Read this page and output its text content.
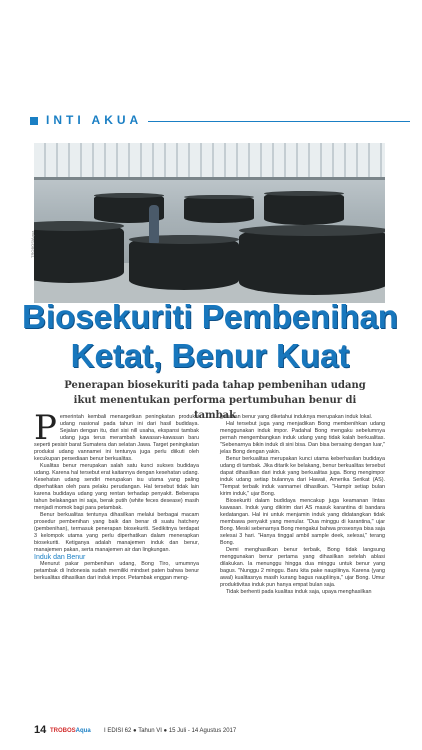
INTI AKUA
TROBOS/Aqua
Biosekuriti Pembenihan
Ketat, Benur Kuat
Penerapan biosekuriti pada tahap pembenihan udang ikut menentukan performa pertumbuhan benur di tambak

Pemerintah kembali menargetkan peningkatan produksi udang nasional pada tahun ini dari hasil budidaya. Sejalan dengan itu, dari sisi nill usaha, ekspansi tambak udang juga terus merambah kawasan-kawasan baru seperti pesisir barat Sumatera dan selatan Jawa. Target peningkatan produksi udang vannamei ini tentunya juga perlu diikuti oleh kecukupan persediaan benur berkualitas.

Kualitas benur merupakan salah satu kunci sukses budidaya udang. Karena hal tersebut erat kaitannya dengan kesehatan udang. Kesehatan udang sendiri merupakan isu utama yang paling diperhatikan oleh para pelaku perudangan. Hal tersebut tidak lain karena budidaya udang yang rentan terhadap penyakit. Beberapa tahun belakangan ini saja, berak putih (white feces desease) masih menjadi momok bagi para petambak.

Benur berkualitas tentunya dihasilkan melalui berbagai macam prosedur pembenihan yang baik dan benar di suatu hatchery (pembenihan), termasuk penerapan biosekuriti. Sedikitnya terdapat 3 kelompok utama yang perlu diperhatikan dalam menerapkan biosekuriti. Ketiganya adalah manajemen induk dan benur, manajemen pakan, serta manajemen air dan lingkungan.

Induk dan Benur

Menurut pakar pembenihan udang, Bong Tiro, umumnya petambak di Indonesia sudah memiliki mindset paten bahwa benur berkualitas dihasilkan dari induk impor. Petambak enggan meng-

gunakan benur yang diketahui induknya merupakan induk lokal.

Hal tersebut juga yang menjadikan Bong membenihkan udang menggunakan induk impor. Padahal Bong mengaku sebelumnya pernah mengembangkan induk udang yang tidak kalah berkualitas. "Sebenarnya bikin induk di sini bisa. Dan bisa bersaing dengan luar," jelas Bong dengan yakin.

Benur berkualitas merupakan kunci utama keberhasilan budidaya udang di tambak. Jika ditarik ke belakang, benur berkualitas tersebut dapat dihasilkan dari induk yang berkualitas juga. Bong mengimpor induk udang setiap bulannya dari Hawaii, Amerika Serikat (AS). "Tempat terbaik induk vannamei dihasilkan. "Hampir setiap bulan kirim induk," ujar Bong.

Biosekuriti dalam budidaya mencakup juga keamanan lintas kawasan. Induk yang dikirim dari AS masuk karantina di bandara kedatangan. Hal ini untuk menjamin induk yang didatangkan tidak membawa penyakit yang menular. "Dua minggu di karantina," ujar Bong. Meski sebenarnya Bong mengakui bahwa prosesnya bisa saja selesai 3 hari. "Hanya tinggal ambil sample deek, selesai," terang Bong.

Demi menghasilkan benur terbaik, Bong tidak langsung menggunakan benur pertama yang dihasilkan setelah ablasi dilakukan. Ia menunggu hingga dua minggu untuk benur yang bagus. "Nunggu 2 minggu. Baru kita pake naupliinya. Karena (yang awal) kualitasnya masih kurang bagus naupliinya," ujar Bong. Umur produktivitas induk pun hanya empat bulan saja.

Tidak berhenti pada kualitas induk saja, upaya menghasilkan

14 TROBOSAqua I EDISI 62 ● Tahun VI ● 15 Juli - 14 Agustus 2017
